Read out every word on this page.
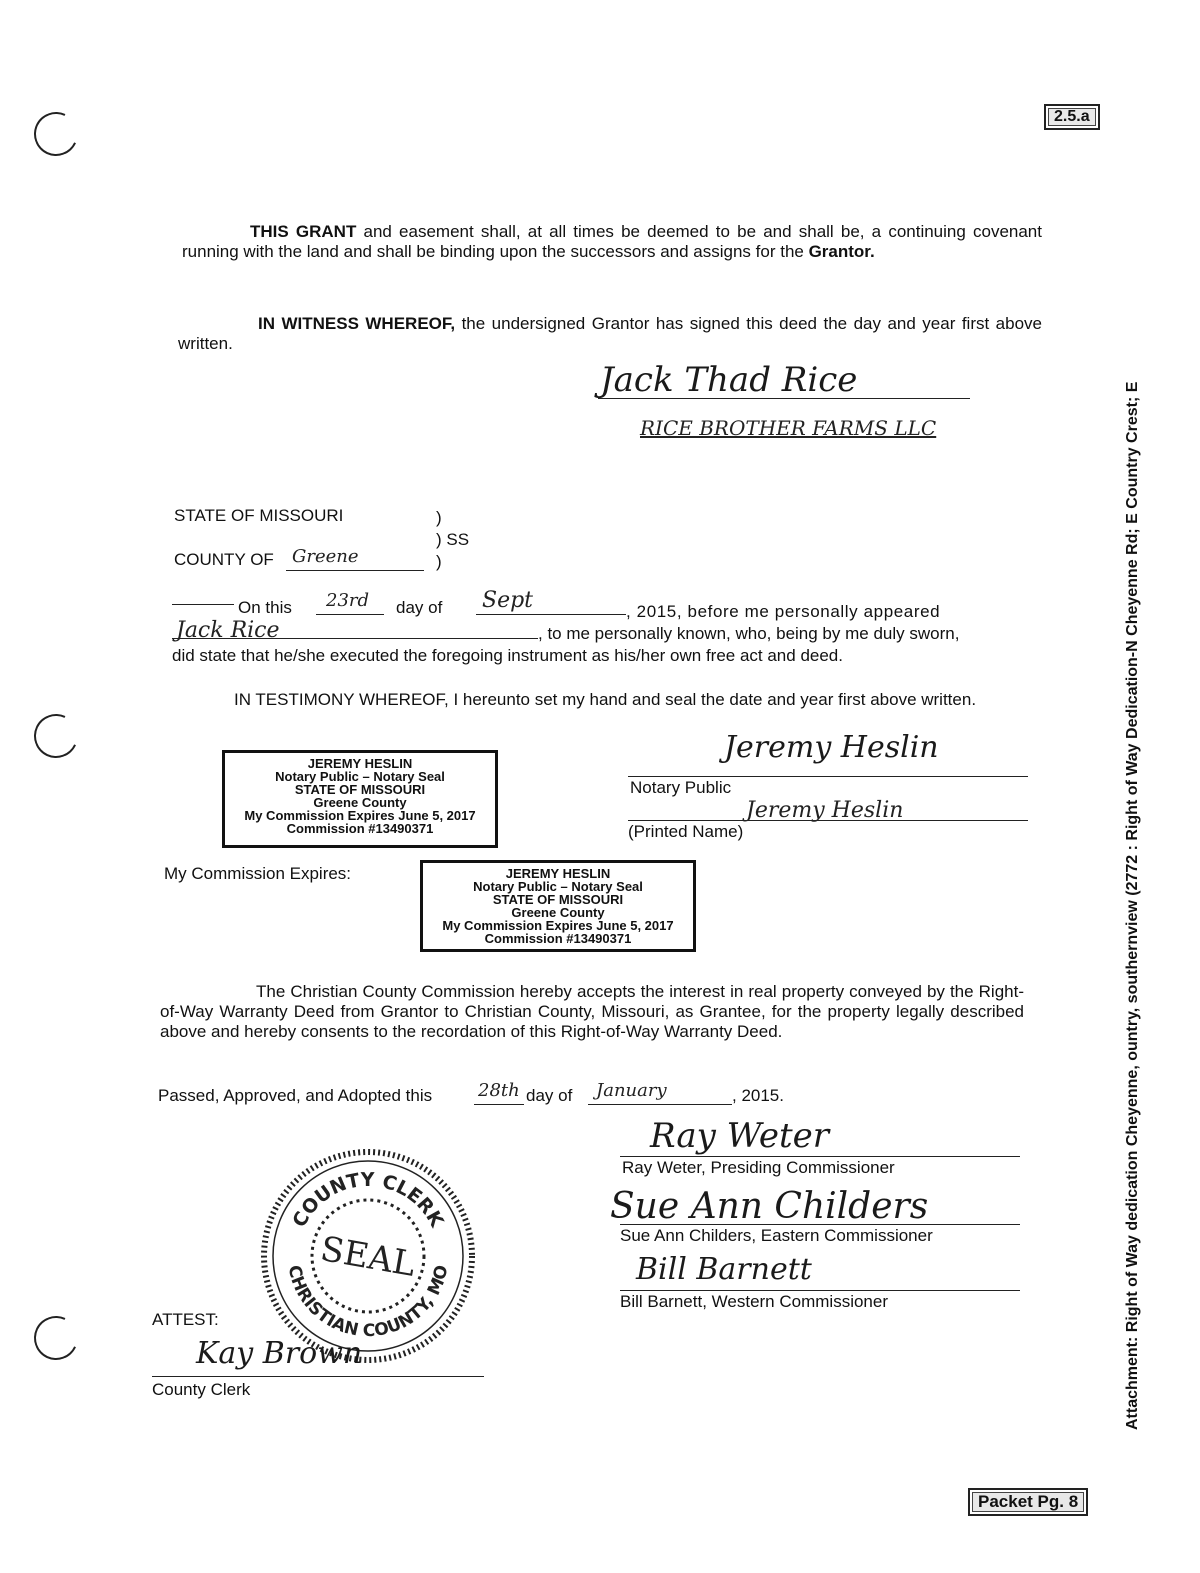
2.5.a
THIS GRANT and easement shall, at all times be deemed to be and shall be, a continuing covenant running with the land and shall be binding upon the successors and assigns for the Grantor.
IN WITNESS WHEREOF, the undersigned Grantor has signed this deed the day and year first above written.
Jack Thad Rice
RICE BROTHER FARMS LLC
STATE OF MISSOURI	)
) SS
COUNTY OF Greene	)
On this 23rd day of Sept	, 2015, before me personally appeared
Jack Rice	, to me personally known, who, being by me duly sworn,
did state that he/she executed the foregoing instrument as his/her own free act and deed.
IN TESTIMONY WHEREOF, I hereunto set my hand and seal the date and year first above written.
JEREMY HESLIN
Notary Public – Notary Seal
STATE OF MISSOURI
Greene County
My Commission Expires June 5, 2017
Commission #13490371
Jeremy Heslin
Notary Public
Jeremy Heslin
(Printed Name)
My Commission Expires:	JEREMY HESLIN
Notary Public – Notary Seal
STATE OF MISSOURI
Greene County
My Commission Expires June 5, 2017
Commission #13490371
The Christian County Commission hereby accepts the interest in real property conveyed by the Right-of-Way Warranty Deed from Grantor to Christian County, Missouri, as Grantee, for the property legally described above and hereby consents to the recordation of this Right-of-Way Warranty Deed.
Passed, Approved, and Adopted this	28th day of January	, 2015.
Ray Weter
Ray Weter, Presiding Commissioner
Sue Ann Childers
Sue Ann Childers, Eastern Commissioner
Bill Barnett
Bill Barnett, Western Commissioner
COUNTY CLERK
CHRISTIAN COUNTY, MO
SEAL
ATTEST:
Kay Brown
County Clerk	Attachment: Right of Way dedication Cheyenne, ountry, southernview (2772 : Right of Way Dedication-N Cheyenne Rd; E Country Crest; E
Packet Pg. 8
